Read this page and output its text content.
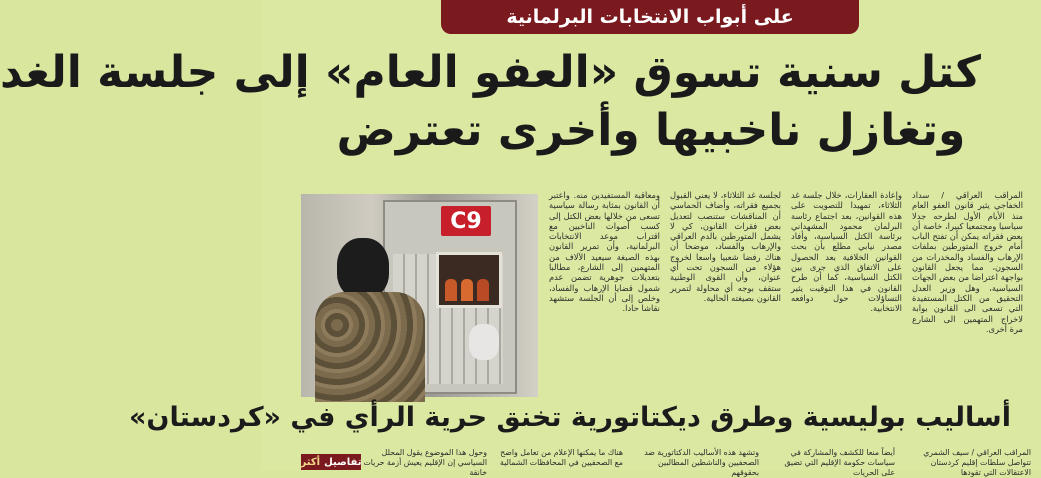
على أبواب الانتخابات البرلمانية
كتل سنية تسوق «العفو العام» إلى جلسة الغد
وتغازل ناخبيها وأخرى تعترض
C9
المراقب العراقي / سداد الخفاجي يثير قانون العفو العام منذ الأيام الأول لطرحه جدلا سياسيا ومجتمعيا كبيرا، خاصة أن بعض فقراته يمكن أن تفتح الباب أمام خروج المتورطين بملفات الإرهاب والفساد والمخدرات من السجون، مما يجعل القانون بواجهة اعتراضا من بعض الجهات السياسية، وهل وزير العدل التحقيق من الكتل المستفيدة التي تسعى الى القانون بوابة لاخراج المتهمين الى الشارع مرة أخرى.
وإعادة العقارات، خلال جلسة غد الثلاثاء، تمهيدا للتصويت على هذه القوانين، بعد اجتماع رئاسة البرلمان محمود المشهداني برئاسة الكتل السياسية، وأفاد مصدر نيابي مطلع بأن بحث القوانين الخلافية بعد الحصول على الاتفاق الذي جرى بين الكتل السياسية، كما أن طرح القانون في هذا التوقيت يثير التساؤلات حول دوافعه الانتخابية.
لجلسة غد الثلاثاء، لا يعني القبول بجميع فقراته، وأضاف الحماسي أن المناقشات ستنصب لتعديل بعض فقرات القانون، كي لا يشمل المتورطين بالدم العراقي والإرهاب والفساد، موضحا أن هناك رفضا شعبيا واسعا لخروج هؤلاء من السجون تحت أي عنوان، وأن القوى الوطنية ستقف بوجه أي محاولة لتمرير القانون بصيغته الحالية.
ومعاقبة المستفيدين منه. واعتبر أن القانون بمثابة رسالة سياسية تسعى من خلالها بعض الكتل إلى كسب أصوات الناخبين مع اقتراب موعد الانتخابات البرلمانية، وأن تمرير القانون بهذه الصيغة سيعيد الآلاف من المتهمين إلى الشارع، مطالبا بتعديلات جوهرية تضمن عدم شمول قضايا الإرهاب والفساد، وخلص إلى أن الجلسة ستشهد نقاشا حادا.
أساليب بوليسية وطرق ديكتاتورية تخنق حرية الرأي في «كردستان»
المراقب العراقي / سيف الشمري تتواصل سلطات إقليم كردستان الاعتقالات التي تقودها
أيضاً منعا للكشف والمشاركة في سياسات حكومة الإقليم التي تضيق على الحريات
وتشهد هذه الأساليب الدكتاتورية ضد الصحفيين والناشطين المطالبين بحقوقهم
هناك ما يمكنها الإعلام من تعامل واضح مع الصحفيين في المحافظات الشمالية
وحول هذا الموضوع يقول المحلل السياسي إن الإقليم يعيش أزمة حريات خانقة
تفاصيل
أكثر
